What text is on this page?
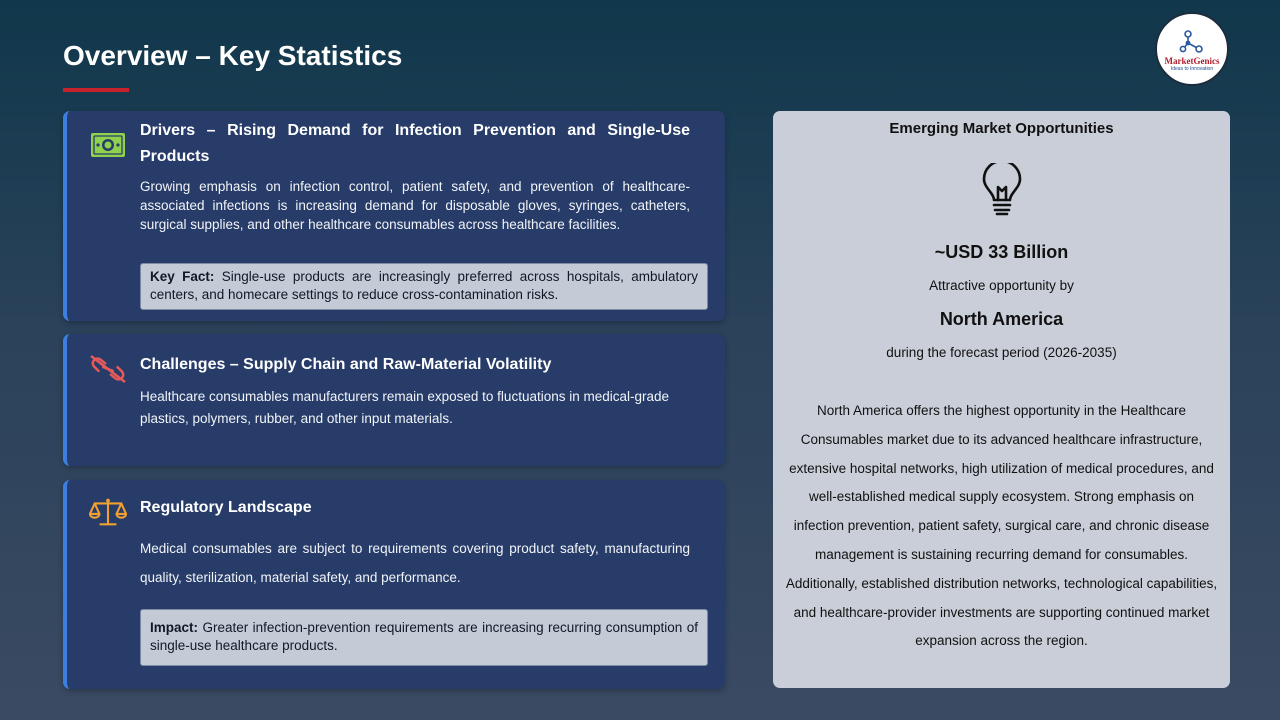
Overview – Key Statistics	MarketGenics
Ideas to Innovation
Drivers – Rising Demand for Infection Prevention and Single-Use Products
Growing emphasis on infection control, patient safety, and prevention of healthcare-associated infections is increasing demand for disposable gloves, syringes, catheters, surgical supplies, and other healthcare consumables across healthcare facilities.
Key Fact: Single-use products are increasingly preferred across hospitals, ambulatory centers, and homecare settings to reduce cross-contamination risks.
Challenges – Supply Chain and Raw-Material Volatility
Healthcare consumables manufacturers remain exposed to fluctuations in medical-grade plastics, polymers, rubber, and other input materials.
Regulatory Landscape
Medical consumables are subject to requirements covering product safety, manufacturing quality, sterilization, material safety, and performance.
Impact: Greater infection-prevention requirements are increasing recurring consumption of single-use healthcare products.
Emerging Market Opportunities
~USD 33 Billion
Attractive opportunity by
North America
during the forecast period (2026-2035)
North America offers the highest opportunity in the Healthcare Consumables market due to its advanced healthcare infrastructure, extensive hospital networks, high utilization of medical procedures, and well-established medical supply ecosystem. Strong emphasis on infection prevention, patient safety, surgical care, and chronic disease management is sustaining recurring demand for consumables. Additionally, established distribution networks, technological capabilities, and healthcare-provider investments are supporting continued market expansion across the region.
